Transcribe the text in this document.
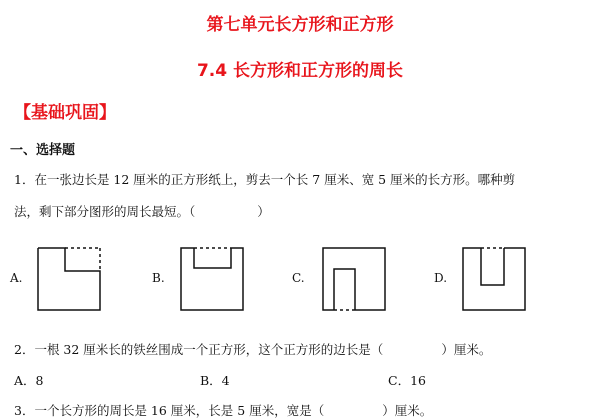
第七单元长方形和正方形
7.4 长方形和正方形的周长
【基础巩固】
一、选择题
1．在一张边长是 12 厘米的正方形纸上，剪去一个长 7 厘米、宽 5 厘米的长方形。哪种剪
法，剩下部分图形的周长最短。（	）
A.	B.	C.	D.
2．一根 32 厘米长的铁丝围成一个正方形，这个正方形的边长是（	）厘米。
A．8	B．4	C．16
3．一个长方形的周长是 16 厘米，长是 5 厘米，宽是（	）厘米。
